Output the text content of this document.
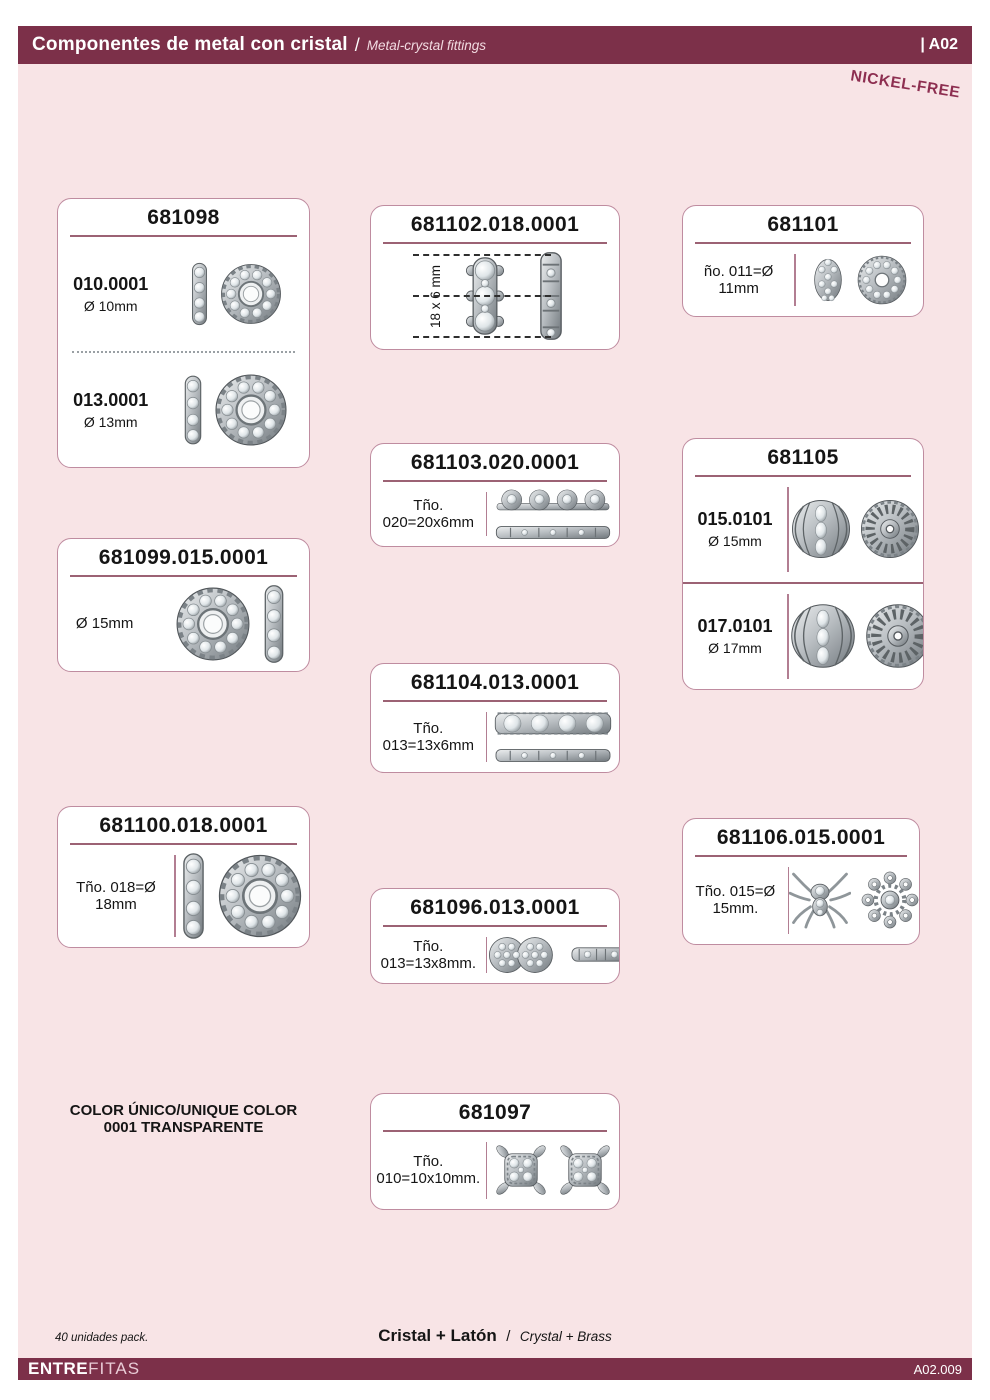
Componentes de metal con cristal / Metal-crystal fittings	| A02
NICKEL-FREE
681098
010.0001
Ø 10mm
013.0001
Ø 13mm
681102.018.0001
18 x 6 mm
681101
ño. 011=Ø 11mm
681103.020.0001
Tño. 020=20x6mm
681105
015.0101
Ø 15mm
017.0101
Ø 17mm
681099.015.0001
Ø 15mm
681104.013.0001
Tño. 013=13x6mm
681100.018.0001
Tño. 018=Ø 18mm
681106.015.0001
Tño. 015=Ø 15mm.
681096.013.0001
Tño. 013=13x8mm.
681097
Tño. 010=10x10mm.
COLOR ÚNICO/UNIQUE COLOR
0001 TRANSPARENTE
40 unidades pack.	Cristal + Latón / Crystal + Brass
ENTRE FITAS	A02.009
